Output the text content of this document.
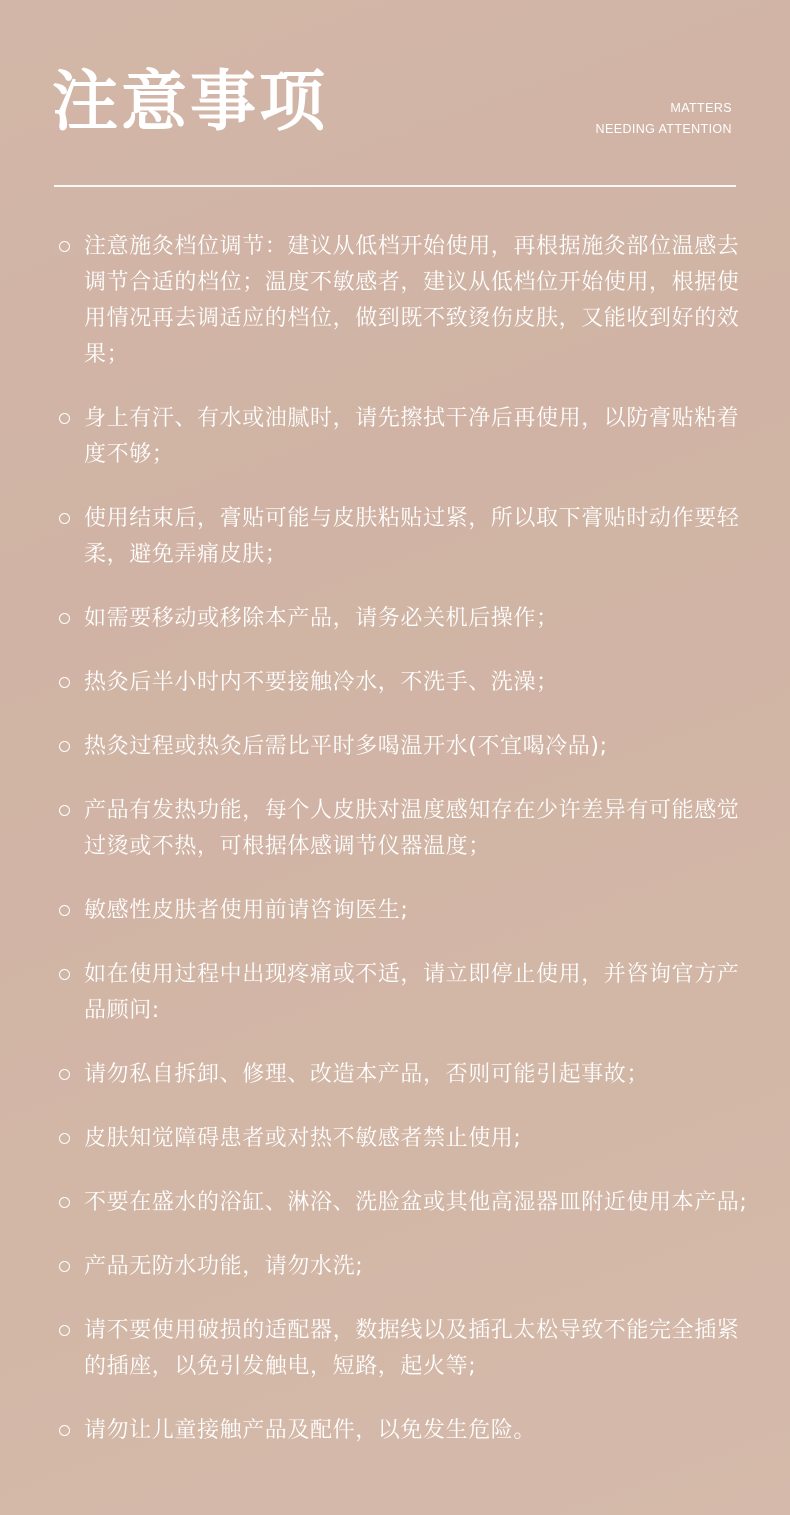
注意事项	MATTERS
NEEDING ATTENTION
注意施灸档位调节：建议从低档开始使用，再根据施灸部位温感去调节合适的档位；温度不敏感者，建议从低档位开始使用，根据使用情况再去调适应的档位，做到既不致烫伤皮肤，又能收到好的效果；
身上有汗、有水或油腻时，请先擦拭干净后再使用，以防膏贴粘着度不够；
使用结束后，膏贴可能与皮肤粘贴过紧，所以取下膏贴时动作要轻柔，避免弄痛皮肤；
如需要移动或移除本产品，请务必关机后操作；
热灸后半小时内不要接触冷水，不洗手、洗澡；
热灸过程或热灸后需比平时多喝温开水(不宜喝冷品);
产品有发热功能，每个人皮肤对温度感知存在少许差异有可能感觉过烫或不热，可根据体感调节仪器温度；
敏感性皮肤者使用前请咨询医生;
如在使用过程中出现疼痛或不适，请立即停止使用，并咨询官方产品顾问:
请勿私自拆卸、修理、改造本产品，否则可能引起事故；
皮肤知觉障碍患者或对热不敏感者禁止使用;
不要在盛水的浴缸、淋浴、洗脸盆或其他高湿器皿附近使用本产品;
产品无防水功能，请勿水洗;
请不要使用破损的适配器，数据线以及插孔太松导致不能完全插紧的插座，以免引发触电，短路，起火等;
请勿让儿童接触产品及配件，以免发生危险。
